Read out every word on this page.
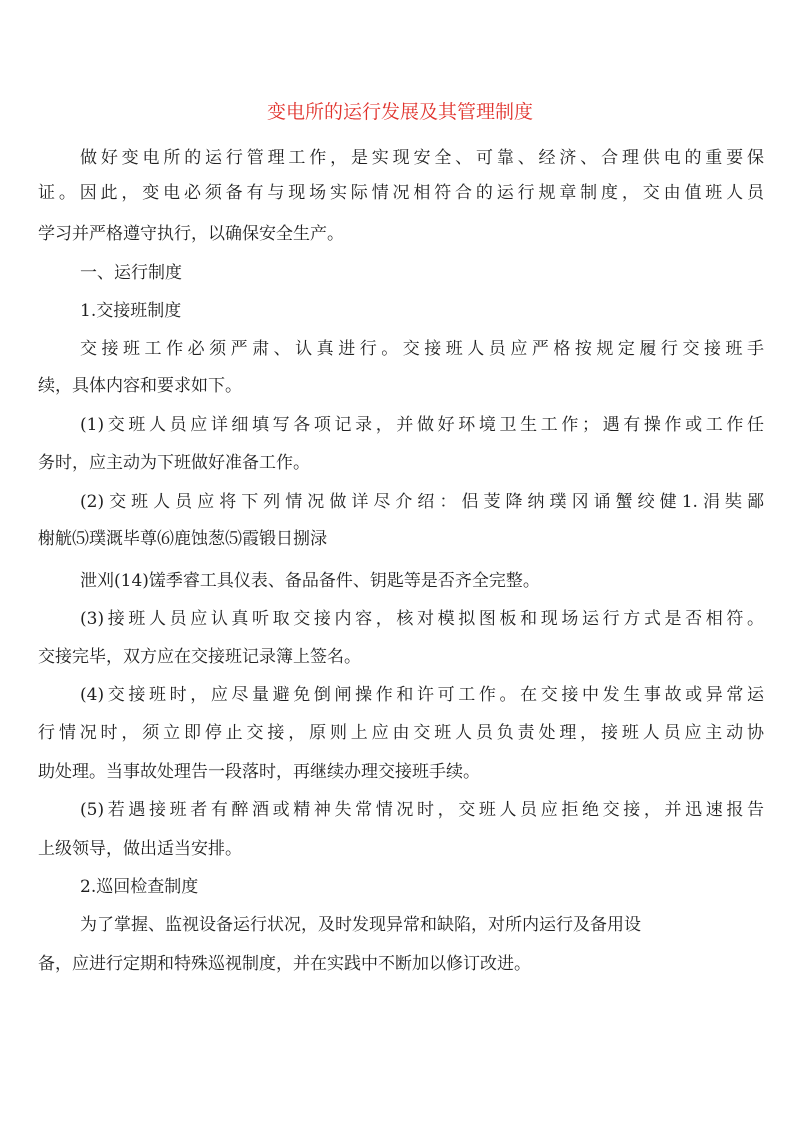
变电所的运行发展及其管理制度
做好变电所的运行管理工作，是实现安全、可靠、经济、合理供电的重要保
证。因此，变电必须备有与现场实际情况相符合的运行规章制度，交由值班人员
学习并严格遵守执行，以确保安全生产。
一、运行制度
1.交接班制度
交接班工作必须严肃、认真进行。交接班人员应严格按规定履行交接班手
续，具体内容和要求如下。
(1)交班人员应详细填写各项记录，并做好环境卫生工作；遇有操作或工作任
务时，应主动为下班做好准备工作。
(2)交班人员应将下列情况做详尽介绍：侣芰降纳璞冈诵蟹绞健1.涓奘鄙
榭觥⑸璞溉毕尊⑹鹿蚀葱⑸霞锻日捌渌
泄刈(14)馐季睿工具仪表、备品备件、钥匙等是否齐全完整。
(3)接班人员应认真听取交接内容，核对模拟图板和现场运行方式是否相符。
交接完毕，双方应在交接班记录簿上签名。
(4)交接班时，应尽量避免倒闸操作和许可工作。在交接中发生事故或异常运
行情况时，须立即停止交接，原则上应由交班人员负责处理，接班人员应主动协
助处理。当事故处理告一段落时，再继续办理交接班手续。
(5)若遇接班者有醉酒或精神失常情况时，交班人员应拒绝交接，并迅速报告
上级领导，做出适当安排。
2.巡回检查制度
为了掌握、监视设备运行状况，及时发现异常和缺陷，对所内运行及备用设
备，应进行定期和特殊巡视制度，并在实践中不断加以修订改进。
